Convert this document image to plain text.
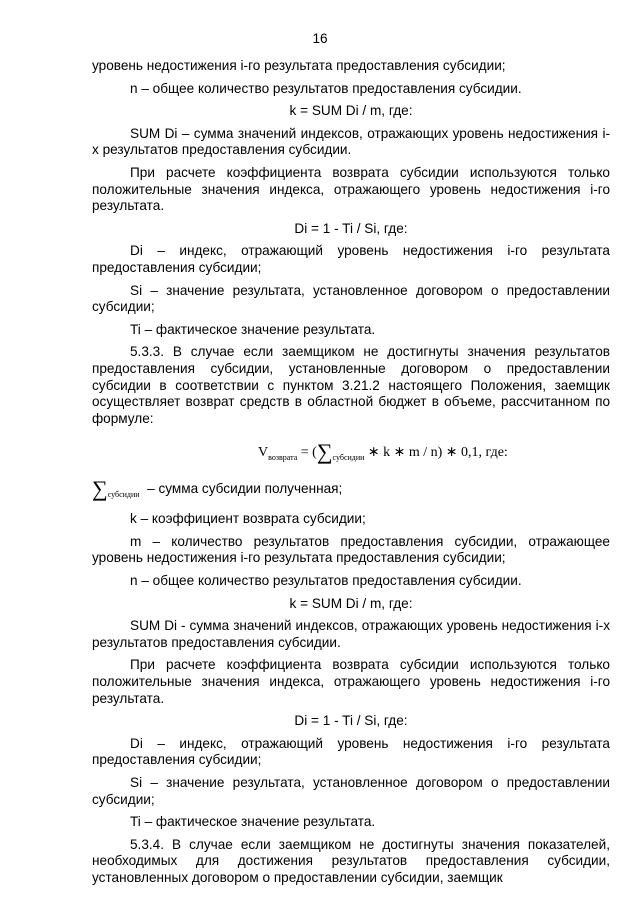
16

уровень недостижения i-го результата предоставления субсидии;

n – общее количество результатов предоставления субсидии.

k = SUM Di / m, где:

SUM Di – сумма значений индексов, отражающих уровень недостижения i-х результатов предоставления субсидии.

При расчете коэффициента возврата субсидии используются только положительные значения индекса, отражающего уровень недостижения i-го результата.

Di = 1 - Ti / Si, где:

Di – индекс, отражающий уровень недостижения i-го результата предоставления субсидии;

Si – значение результата, установленное договором о предоставлении субсидии;

Ti – фактическое значение результата.

5.3.3. В случае если заемщиком не достигнуты значения результатов предоставления субсидии, установленные договором о предоставлении субсидии в соответствии с пунктом 3.21.2 настоящего Положения, заемщик осуществляет возврат средств в областной бюджет в объеме, рассчитанном по формуле:

$V_{возврата} = (\sum_{субсидии}$ ∗ k ∗ m / n) ∗ 0,1, где:

$\sum_{субсидии}$ – сумма субсидии полученная;

k – коэффициент возврата субсидии;

m – количество результатов предоставления субсидии, отражающее уровень недостижения i-го результата предоставления субсидии;

n – общее количество результатов предоставления субсидии.

k = SUM Di / m, где:

SUM Di - сумма значений индексов, отражающих уровень недостижения i-х результатов предоставления субсидии.

При расчете коэффициента возврата субсидии используются только положительные значения индекса, отражающего уровень недостижения i-го результата.

Di = 1 - Ti / Si, где:

Di – индекс, отражающий уровень недостижения i-го результата предоставления субсидии;

Si – значение результата, установленное договором о предоставлении субсидии;

Ti – фактическое значение результата.

5.3.4. В случае если заемщиком не достигнуты значения показателей, необходимых для достижения результатов предоставления субсидии, установленных договором о предоставлении субсидии, заемщик
